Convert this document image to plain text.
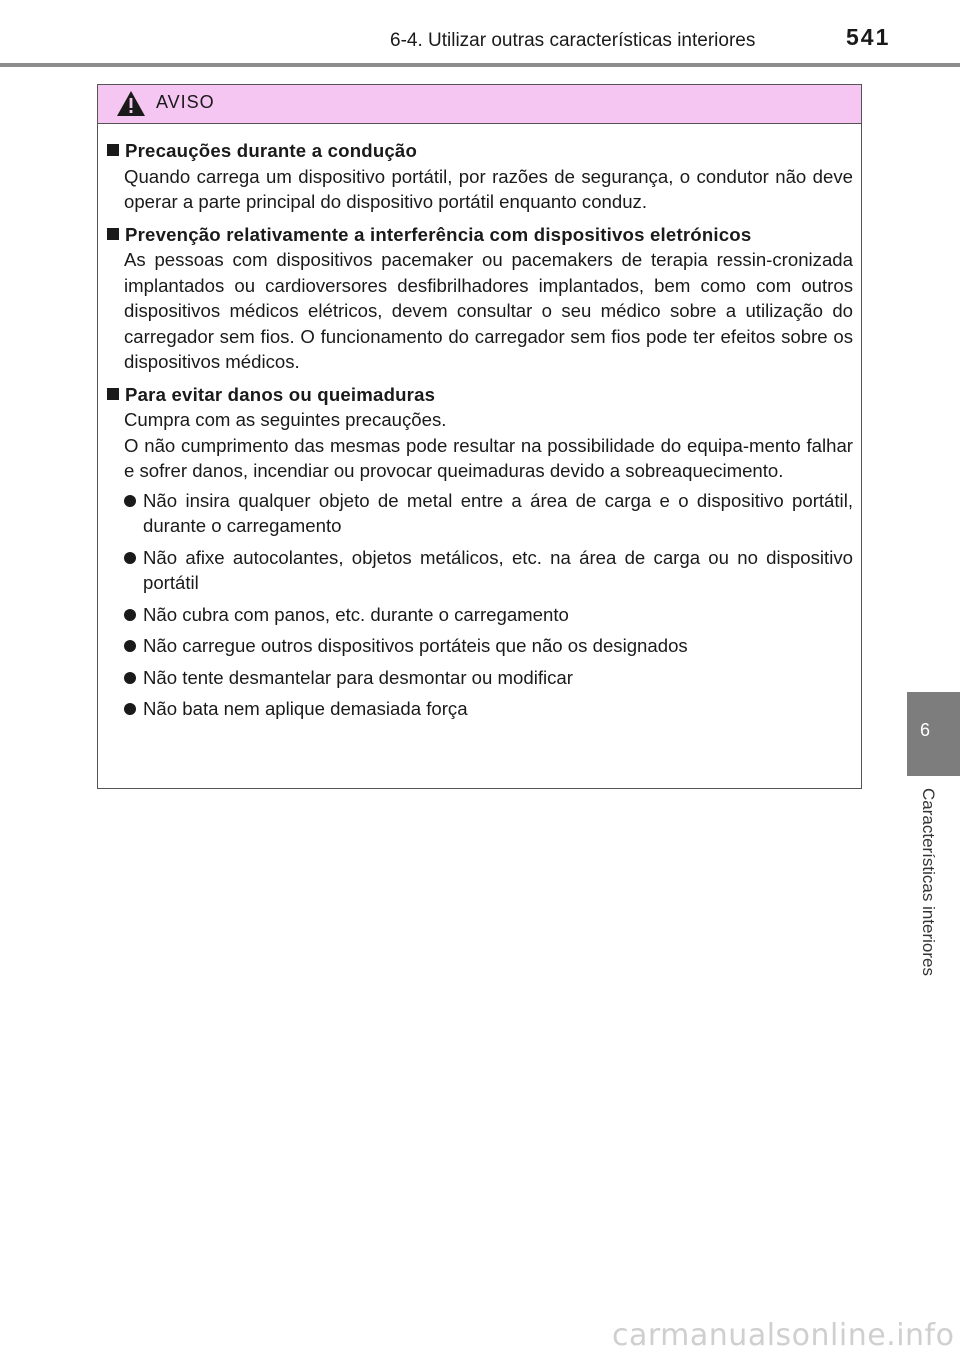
6-4. Utilizar outras características interiores	541
6
Características interiores
AVISO
Precauções durante a condução
Quando carrega um dispositivo portátil, por razões de segurança, o condutor não deve operar a parte principal do dispositivo portátil enquanto conduz.
Prevenção relativamente a interferência com dispositivos eletrónicos
As pessoas com dispositivos pacemaker ou pacemakers de terapia ressin-cronizada implantados ou cardioversores desfibrilhadores implantados, bem como com outros dispositivos médicos elétricos, devem consultar o seu médico sobre a utilização do carregador sem fios. O funcionamento do carregador sem fios pode ter efeitos sobre os dispositivos médicos.
Para evitar danos ou queimaduras
Cumpra com as seguintes precauções.
O não cumprimento das mesmas pode resultar na possibilidade do equipa-mento falhar e sofrer danos, incendiar ou provocar queimaduras devido a sobreaquecimento.
Não insira qualquer objeto de metal entre a área de carga e o dispositivo portátil, durante o carregamento
Não afixe autocolantes, objetos metálicos, etc. na área de carga ou no dispositivo portátil
Não cubra com panos, etc. durante o carregamento
Não carregue outros dispositivos portáteis que não os designados
Não tente desmantelar para desmontar ou modificar
Não bata nem aplique demasiada força
carmanualsonline.info
